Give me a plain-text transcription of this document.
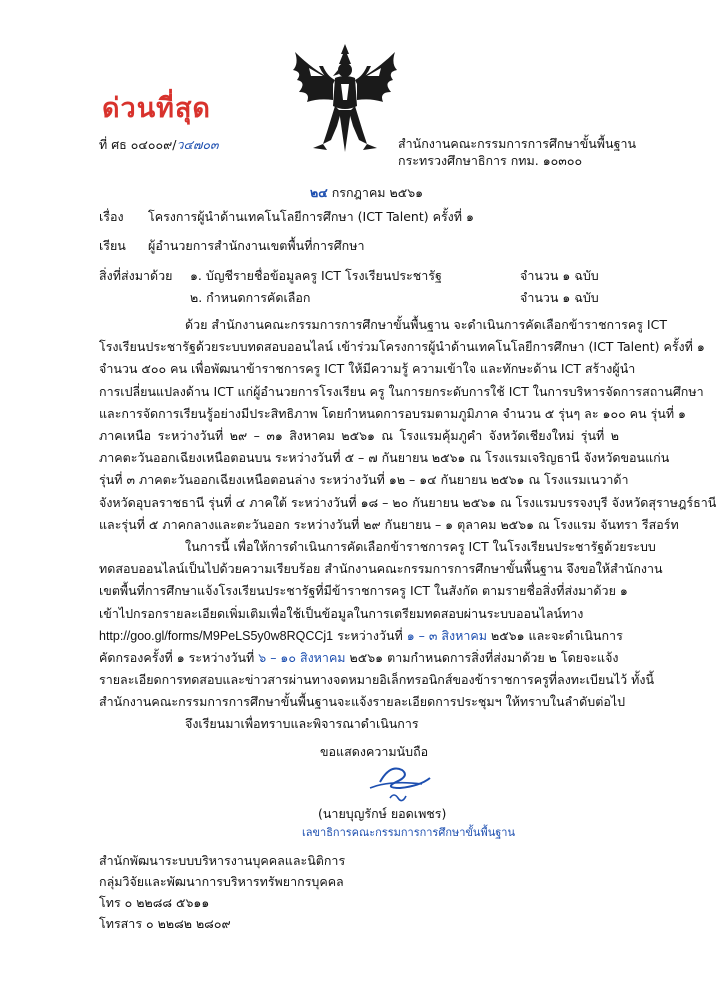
ด่วนที่สุด
ที่ ศธ ๐๔๐๐๙/ว๔๗๐๓	สำนักงานคณะกรรมการการศึกษาขั้นพื้นฐาน
กระทรวงศึกษาธิการ กทม. ๑๐๓๐๐
๒๔ กรกฎาคม ๒๕๖๑
เรื่อง โครงการผู้นำด้านเทคโนโลยีการศึกษา (ICT Talent) ครั้งที่ ๑
เรียน ผู้อำนวยการสำนักงานเขตพื้นที่การศึกษา
สิ่งที่ส่งมาด้วย ๑. บัญชีรายชื่อข้อมูลครู ICT โรงเรียนประชารัฐ	จำนวน ๑ ฉบับ
๒. กำหนดการคัดเลือก	จำนวน ๑ ฉบับ
ด้วย สำนักงานคณะกรรมการการศึกษาขั้นพื้นฐาน จะดำเนินการคัดเลือกข้าราชการครู ICT
โรงเรียนประชารัฐด้วยระบบทดสอบออนไลน์ เข้าร่วมโครงการผู้นำด้านเทคโนโลยีการศึกษา (ICT Talent) ครั้งที่ ๑
จำนวน ๕๐๐ คน เพื่อพัฒนาข้าราชการครู ICT ให้มีความรู้ ความเข้าใจ และทักษะด้าน ICT สร้างผู้นำ
การเปลี่ยนแปลงด้าน ICT แก่ผู้อำนวยการโรงเรียน ครู ในการยกระดับการใช้ ICT ในการบริหารจัดการสถานศึกษา
และการจัดการเรียนรู้อย่างมีประสิทธิภาพ โดยกำหนดการอบรมตามภูมิภาค จำนวน ๕ รุ่นๆ ละ ๑๐๐ คน รุ่นที่ ๑
ภาคเหนือ ระหว่างวันที่ ๒๙ – ๓๑ สิงหาคม ๒๕๖๑ ณ โรงแรมคุ้มภูคำ จังหวัดเชียงใหม่ รุ่นที่ ๒
ภาคตะวันออกเฉียงเหนือตอนบน ระหว่างวันที่ ๕ – ๗ กันยายน ๒๕๖๑ ณ โรงแรมเจริญธานี จังหวัดขอนแก่น
รุ่นที่ ๓ ภาคตะวันออกเฉียงเหนือตอนล่าง ระหว่างวันที่ ๑๒ – ๑๔ กันยายน ๒๕๖๑ ณ โรงแรมเนวาด้า
จังหวัดอุบลราชธานี รุ่นที่ ๔ ภาคใต้ ระหว่างวันที่ ๑๘ – ๒๐ กันยายน ๒๕๖๑ ณ โรงแรมบรรจงบุรี จังหวัดสุราษฎร์ธานี
และรุ่นที่ ๕ ภาคกลางและตะวันออก ระหว่างวันที่ ๒๙ กันยายน – ๑ ตุลาคม ๒๕๖๑ ณ โรงแรม จันทรา รีสอร์ท
ในการนี้ เพื่อให้การดำเนินการคัดเลือกข้าราชการครู ICT ในโรงเรียนประชารัฐด้วยระบบ
ทดสอบออนไลน์เป็นไปด้วยความเรียบร้อย สำนักงานคณะกรรมการการศึกษาขั้นพื้นฐาน จึงขอให้สำนักงาน
เขตพื้นที่การศึกษาแจ้งโรงเรียนประชารัฐที่มีข้าราชการครู ICT ในสังกัด ตามรายชื่อสิ่งที่ส่งมาด้วย ๑
เข้าไปกรอกรายละเอียดเพิ่มเติมเพื่อใช้เป็นข้อมูลในการเตรียมทดสอบผ่านระบบออนไลน์ทาง
http://goo.gl/forms/M9PeLS5y0w8RQCCj1 ระหว่างวันที่ ๑ – ๓ สิงหาคม ๒๕๖๑ และจะดำเนินการ
คัดกรองครั้งที่ ๑ ระหว่างวันที่ ๖ – ๑๐ สิงหาคม ๒๕๖๑ ตามกำหนดการสิ่งที่ส่งมาด้วย ๒ โดยจะแจ้ง
รายละเอียดการทดสอบและข่าวสารผ่านทางจดหมายอิเล็กทรอนิกส์ของข้าราชการครูที่ลงทะเบียนไว้ ทั้งนี้
สำนักงานคณะกรรมการการศึกษาขั้นพื้นฐานจะแจ้งรายละเอียดการประชุมฯ ให้ทราบในลำดับต่อไป
จึงเรียนมาเพื่อทราบและพิจารณาดำเนินการ
ขอแสดงความนับถือ
(นายบุญรักษ์ ยอดเพชร)
เลขาธิการคณะกรรมการการศึกษาขั้นพื้นฐาน
สำนักพัฒนาระบบบริหารงานบุคคลและนิติการ
กลุ่มวิจัยและพัฒนาการบริหารทรัพยากรบุคคล
โทร ๐ ๒๒๘๘ ๕๖๑๑
โทรสาร ๐ ๒๒๘๒ ๒๘๐๙
